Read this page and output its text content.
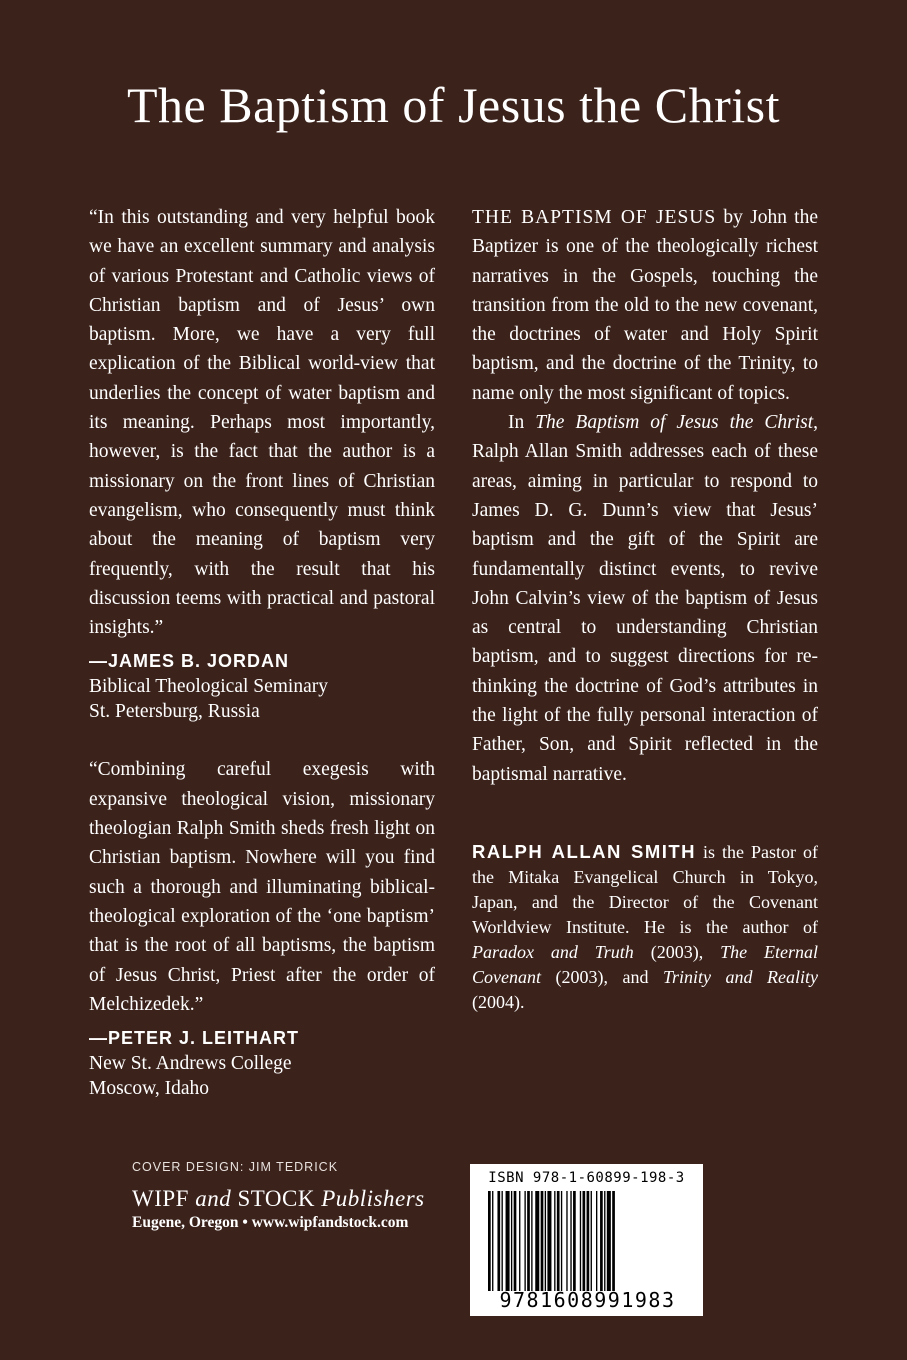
The Baptism of Jesus the Christ

“In this outstanding and very helpful book we have an excellent summary and analysis of various Protestant and Catholic views of Christian baptism and of Jesus’ own baptism. More, we have a very full explication of the Biblical world-view that underlies the concept of water baptism and its meaning. Perhaps most importantly, however, is the fact that the author is a missionary on the front lines of Christian evangelism, who consequently must think about the meaning of baptism very frequently, with the result that his discussion teems with practical and pastoral insights.”

—JAMES B. JORDAN
Biblical Theological Seminary
St. Petersburg, Russia

“Combining careful exegesis with expansive theological vision, missionary theologian Ralph Smith sheds fresh light on Christian baptism. Nowhere will you find such a thorough and illuminating biblical-theological exploration of the ‘one baptism’ that is the root of all baptisms, the baptism of Jesus Christ, Priest after the order of Melchizedek.”

—PETER J. LEITHART
New St. Andrews College
Moscow, Idaho

THE BAPTISM OF JESUS by John the Baptizer is one of the theologically richest narratives in the Gospels, touching the transition from the old to the new covenant, the doctrines of water and Holy Spirit baptism, and the doctrine of the Trinity, to name only the most significant of topics.

In The Baptism of Jesus the Christ, Ralph Allan Smith addresses each of these areas, aiming in particular to respond to James D. G. Dunn’s view that Jesus’ baptism and the gift of the Spirit are fundamentally distinct events, to revive John Calvin’s view of the baptism of Jesus as central to understanding Christian baptism, and to suggest directions for re-thinking the doctrine of God’s attributes in the light of the fully personal interaction of Father, Son, and Spirit reflected in the baptismal narrative.

RALPH ALLAN SMITH is the Pastor of the Mitaka Evangelical Church in Tokyo, Japan, and the Director of the Covenant Worldview Institute. He is the author of Paradox and Truth (2003), The Eternal Covenant (2003), and Trinity and Reality (2004).

COVER DESIGN: JIM TEDRICK
WIPF and STOCK Publishers
Eugene, Oregon • www.wipfandstock.com
ISBN 978-1-60899-198-3
9781608991983
